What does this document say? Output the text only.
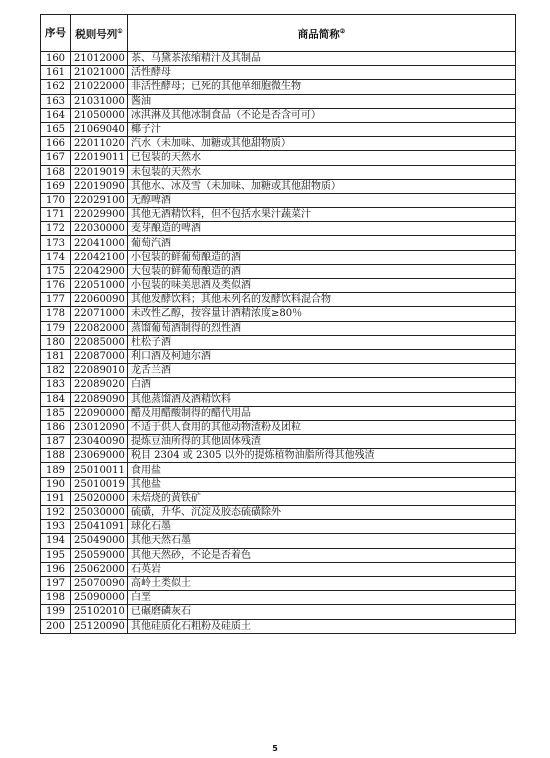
序号	税则号列①	商品简称②
160	21012000	茶、马黛茶浓缩精汁及其制品
161	21021000	活性酵母
162	21022000	非活性酵母；已死的其他单细胞微生物
163	21031000	酱油
164	21050000	冰淇淋及其他冰制食品（不论是否含可可）
165	21069040	椰子汁
166	22011020	汽水（未加味、加糖或其他甜物质）
167	22019011	已包装的天然水
168	22019019	未包装的天然水
169	22019090	其他水、冰及雪（未加味、加糖或其他甜物质）
170	22029100	无醇啤酒
171	22029900	其他无酒精饮料，但不包括水果汁蔬菜汁
172	22030000	麦芽酿造的啤酒
173	22041000	葡萄汽酒
174	22042100	小包装的鲜葡萄酿造的酒
175	22042900	大包装的鲜葡萄酿造的酒
176	22051000	小包装的味美思酒及类似酒
177	22060090	其他发酵饮料；其他未列名的发酵饮料混合物
178	22071000	未改性乙醇，按容量计酒精浓度≥80％
179	22082000	蒸馏葡萄酒制得的烈性酒
180	22085000	杜松子酒
181	22087000	利口酒及柯迪尔酒
182	22089010	龙舌兰酒
183	22089020	白酒
184	22089090	其他蒸馏酒及酒精饮料
185	22090000	醋及用醋酸制得的醋代用品
186	23012090	不适于供人食用的其他动物渣粉及团粒
187	23040090	提炼豆油所得的其他固体残渣
188	23069000	税目 2304 或 2305 以外的提炼植物油脂所得其他残渣
189	25010011	食用盐
190	25010019	其他盐
191	25020000	未焙烧的黄铁矿
192	25030000	硫磺，升华、沉淀及胶态硫磺除外
193	25041091	球化石墨
194	25049000	其他天然石墨
195	25059000	其他天然砂，不论是否着色
196	25062000	石英岩
197	25070090	高岭土类似土
198	25090000	白垩
199	25102010	已碾磨磷灰石
200	25120090	其他硅质化石粗粉及硅质土
5
